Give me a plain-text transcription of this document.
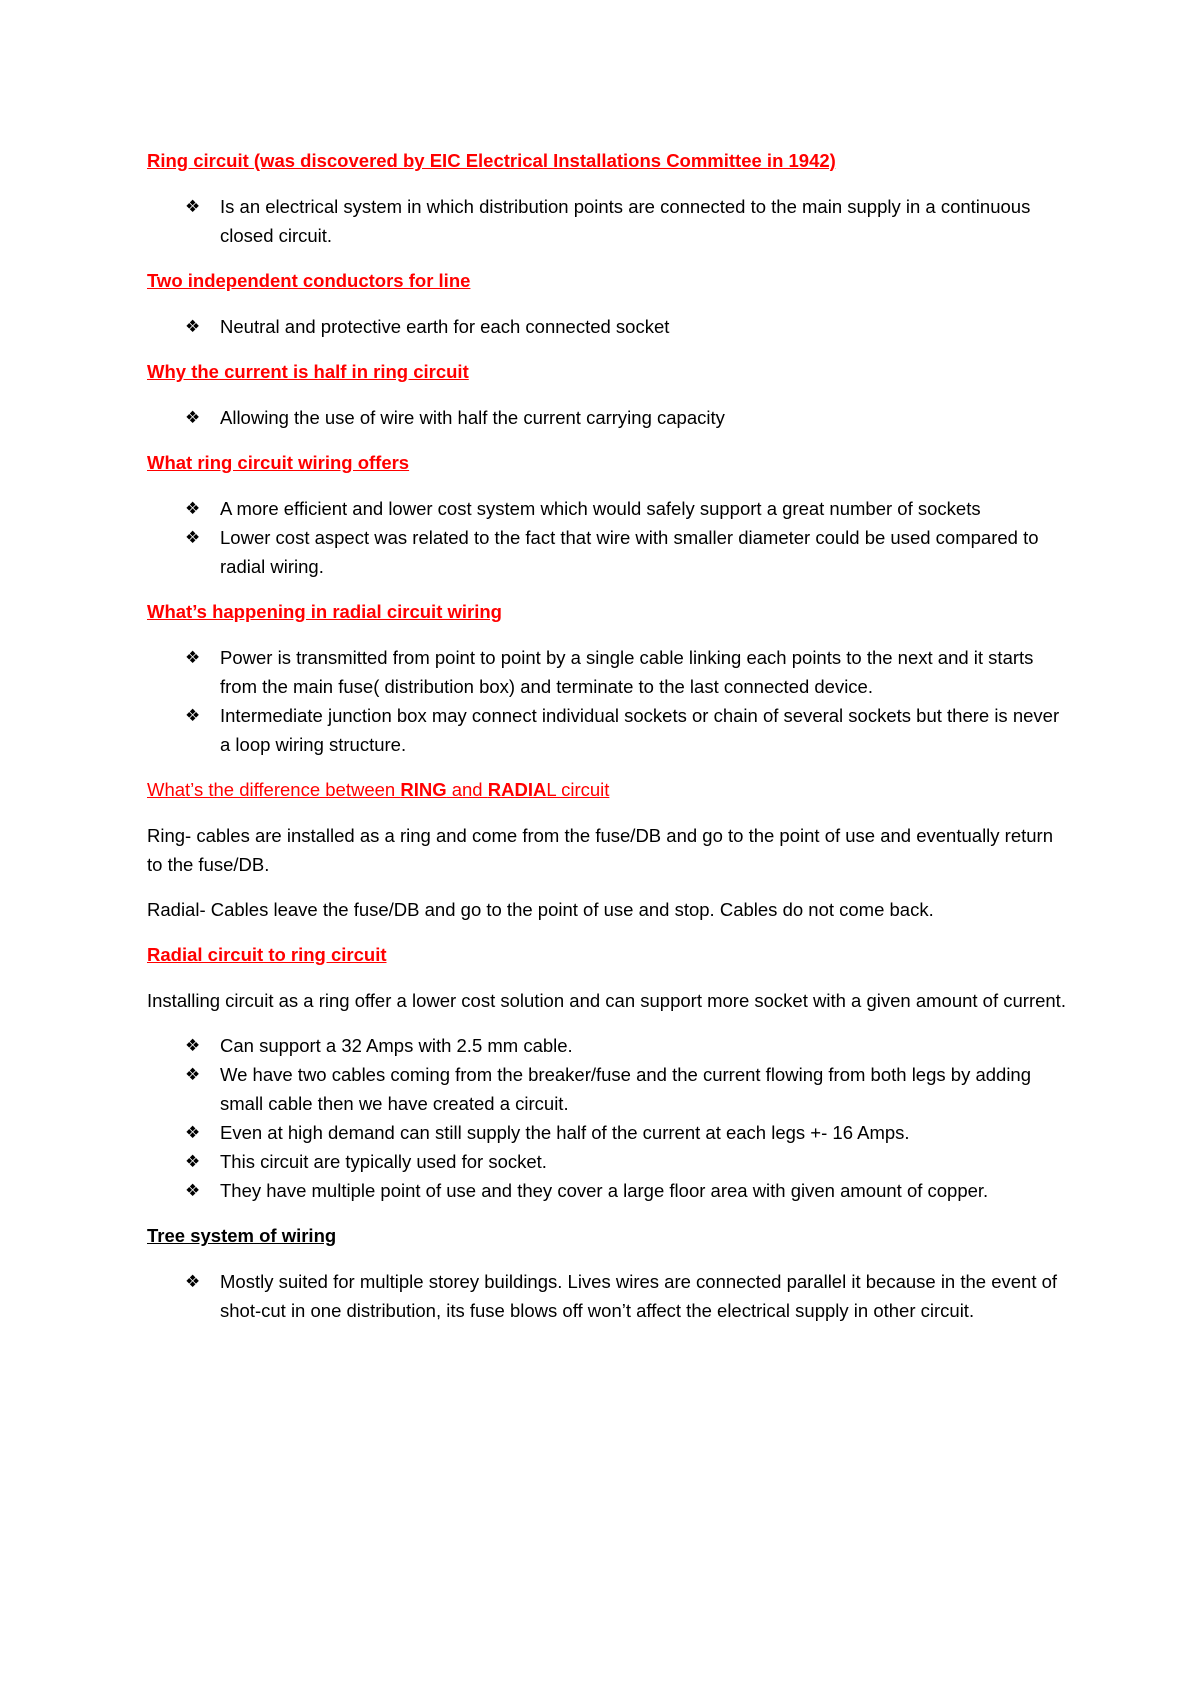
Ring circuit (was discovered by EIC Electrical Installations Committee in 1942)
❖ Is an electrical system in which distribution points are connected to the main supply in a continuous closed circuit.
Two independent conductors for line
❖ Neutral and protective earth for each connected socket
Why the current is half in ring circuit
❖ Allowing the use of wire with half the current carrying capacity
What ring circuit wiring offers
❖ A more efficient and lower cost system which would safely support a great number of sockets
❖ Lower cost aspect was related to the fact that wire with smaller diameter could be used compared to radial wiring.
What’s happening in radial circuit wiring
❖ Power is transmitted from point to point by a single cable linking each points to the next and it starts from the main fuse( distribution box) and terminate to the last connected device.
❖ Intermediate junction box may connect individual sockets or chain of several sockets but there is never a loop wiring structure.
What’s the difference between RING and RADIAL circuit

Ring- cables are installed as a ring and come from the fuse/DB and go to the point of use and eventually return to the fuse/DB.

Radial- Cables leave the fuse/DB and go to the point of use and stop. Cables do not come back.

Radial circuit to ring circuit

Installing circuit as a ring offer a lower cost solution and can support more socket with a given amount of current.

❖ Can support a 32 Amps with 2.5 mm cable.
❖ We have two cables coming from the breaker/fuse and the current flowing from both legs by adding small cable then we have created a circuit.
❖ Even at high demand can still supply the half of the current at each legs +- 16 Amps.
❖ This circuit are typically used for socket.
❖ They have multiple point of use and they cover a large floor area with given amount of copper.
Tree system of wiring
❖ Mostly suited for multiple storey buildings. Lives wires are connected parallel it because in the event of shot-cut in one distribution, its fuse blows off won’t affect the electrical supply in other circuit.
